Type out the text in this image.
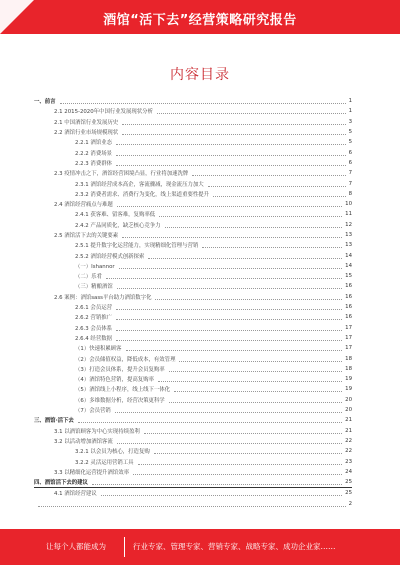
酒馆“活下去”经营策略研究报告
内容目录
一、前言	1
2.1 2015-2020年中国行业发展现状分析	1
2.1 中国酒馆行业发展历史	3
2.2 酒馆行业市场规模现状	5
2.2.1 酒馆业态	5
2.2.2 消费场景	6
2.2.3 消费群体	6
2.3 疫情冲击之下，酒馆经营困境凸显，行业将加速洗牌	7
2.3.1 酒馆经营成本高企，客流骤减，现金流压力加大	7
2.3.2 消费者需求、消费行为变化，线上渠道重要性提升	8
2.4 酒馆经营痛点与难题	10
2.4.1 获客难、留客难，复购率低	11
2.4.2 产品同质化，缺乏核心竞争力	12
2.5 酒馆活下去的关键要素	13
2.5.1 提升数字化运营能力，实现精细化管理与营销	13
2.5.2 酒馆经营模式创新探索	14
（一）Ishannor	14
（二）乐肴	15
（三）精酿酒馆	16
2.6 案例：酒馆sass平台助力酒馆数字化	16
2.6.1 会员运营	16
2.6.2 营销推广	16
2.6.3 会员体系	17
2.6.4 经营数据	17
（1）快速积累顾客	17
（2）会员储值权益，降低成本，有效管理	18
（3）打造会员体系，提升会员复购率	18
（4）酒馆特色营销，提高复购率	19
（5）酒馆线上小程序，线上线下一体化	19
（6）多维数据分析，经营决策更科学	20
（7）会员营销	20
三、酒馆·活下去	21
3.1 以酒馆顾客为中心实现持续盈利	21
3.2 以活动增加酒馆客流	22
3.2.1 以会员为核心，打造复购	22
3.2.2 灵活运用营销工具	23
3.3 以精细化运营提升酒馆效率	24
四、酒馆活下去的建议	25
4.1 酒馆经营建议	25
2
让每个人都能成为	行业专家、管理专家、营销专家、战略专家、成功企业家……
